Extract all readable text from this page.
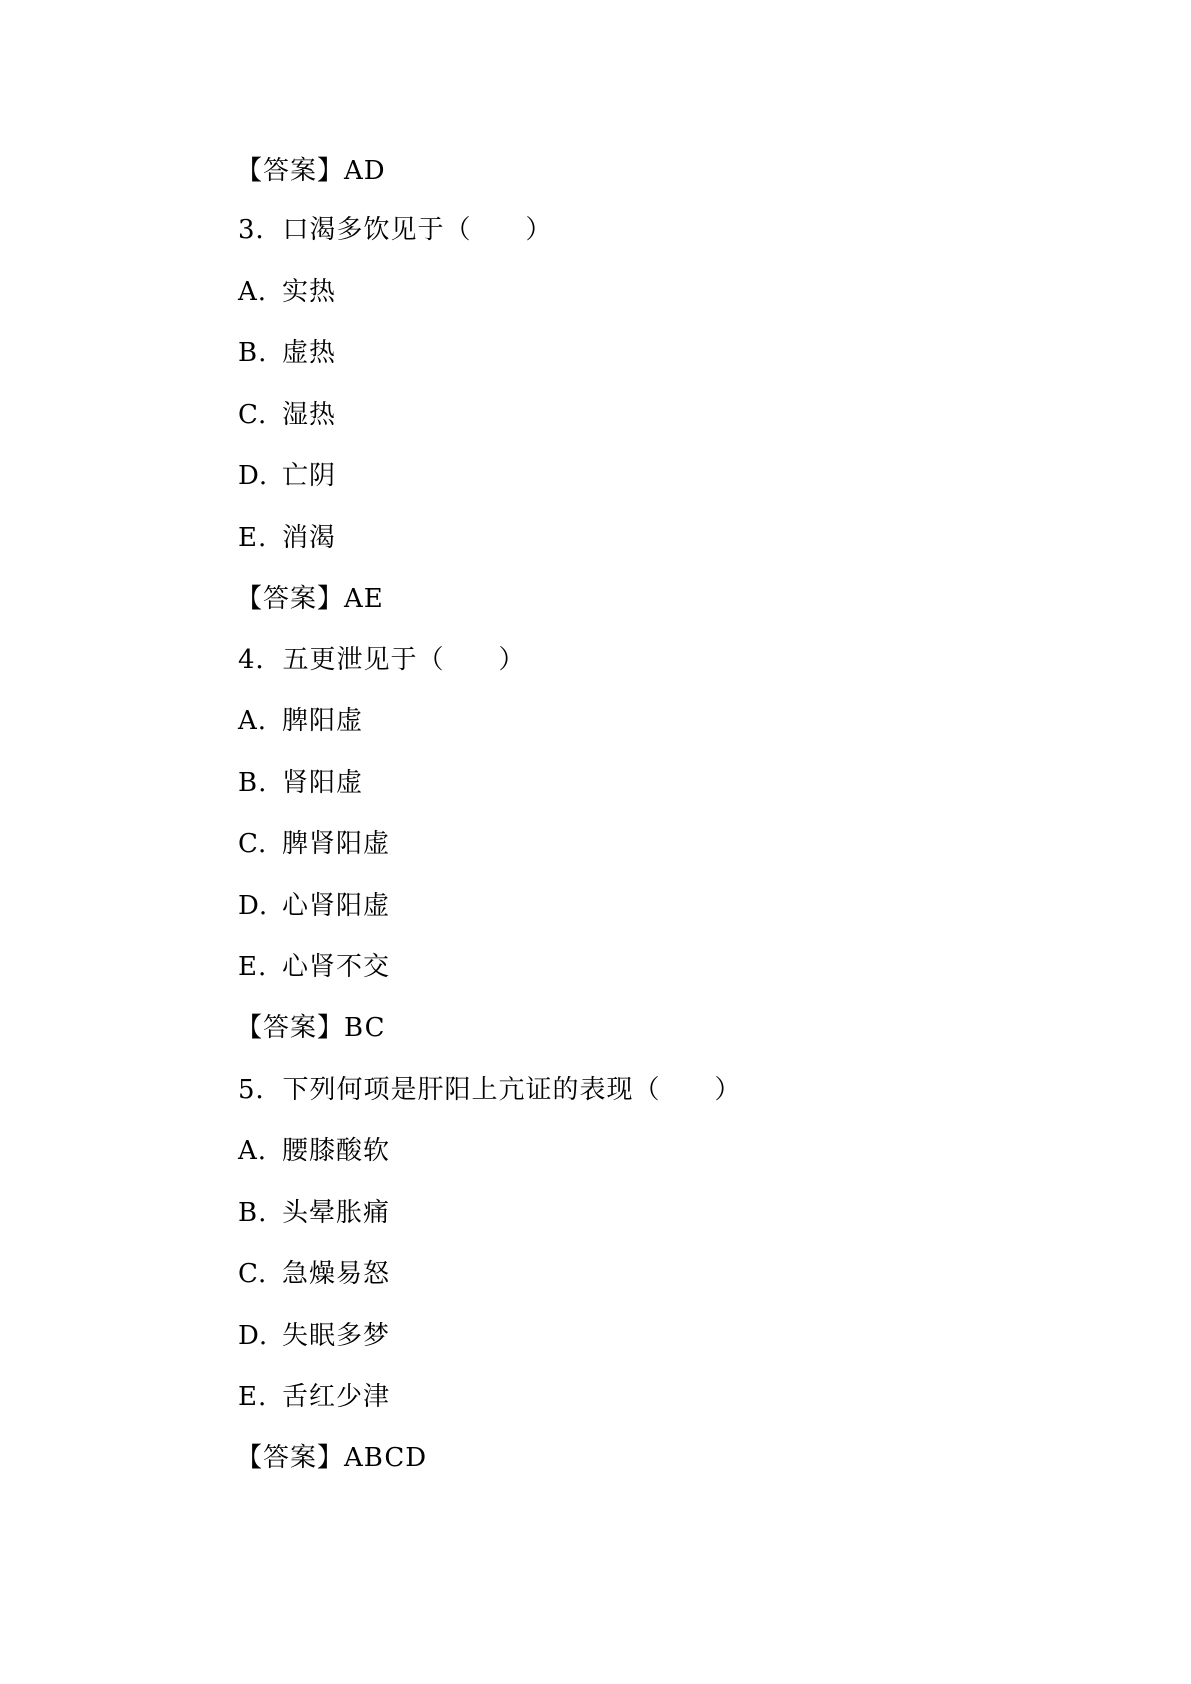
【答案】AD
3．口渴多饮见于（　　）
A. 实热
B. 虚热
C. 湿热
D. 亡阴
E. 消渴
【答案】AE
4．五更泄见于（　　）
A. 脾阳虚
B. 肾阳虚
C. 脾肾阳虚
D. 心肾阳虚
E. 心肾不交
【答案】BC
5．下列何项是肝阳上亢证的表现（　　）
A. 腰膝酸软
B. 头晕胀痛
C. 急燥易怒
D. 失眠多梦
E. 舌红少津
【答案】ABCD
